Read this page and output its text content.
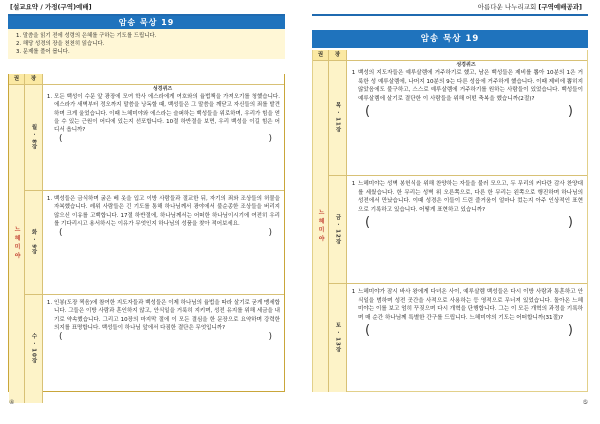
[설교요약 / 가정(구역)예배]	아름다운 나누리교회 [구역예배공과]
암송 묵상 19
1. 말씀을 읽기 전에 성령의 은혜를 구하는 기도를 드립니다.
2. 해당 성경의 장을 천천히 읽습니다.
3. 문제를 풀어 봅니다.
권	장
느헤미야
월 · 8장
성경퀴즈
1. 모든 백성이 수문 앞 광장에 모여 학사 에스라에게 여호와의 율법책을 가져오기를 청했습니다. 에스라가 새벽부터 정오까지 말씀을 낭독할 때, 백성들은 그 말씀을 깨닫고 자신들의 죄를 발견하며 크게 울었습니다. 이때 느헤미야와 에스라는 슬퍼하는 백성들을 위로하며, 우리가 힘을 얻을 수 있는 근원이 어디에 있는지 선포합니다. 10절 하반절을 보면, 우리 백성을 이길 힘은 어디서 옵니까?
(	)
화 · 9장
1. 백성들은 금식하며 굵은 베 옷을 입고 이방 사람들과 절교한 뒤, 자기의 죄와 조상들의 허물을 자복했습니다. 레위 사람들은 긴 기도를 통해 하나님께서 광야에서 불순종한 조상들을 버리지 않으신 이유를 고백합니다. 17절 하반절에, 하나님께서는 어떠한 하나님이시기에 여전히 우리를 기다리시고 용서하시는 이유가 무엇인지 하나님의 성품을 찾아 적어보세요.
(	)
수 · 10장
1. 인봉(도장 찍음)에 참여한 지도자들과 백성들은 이제 하나님의 율법을 따라 살기로 굳게 맹세합니다. 그들은 이방 사람과 혼인하지 않고, 안식일을 거룩히 지키며, 성전 유지를 위해 세금을 내기로 약속했습니다. 그리고 10장의 마지막 절에 이 모든 결심을 한 문장으로 요약하며 강력한 의지를 표명합니다. 백성들이 하나님 앞에서 다짐한 결단은 무엇입니까?
(	)
암송 묵상 19
권	장
느헤미야
목 · 11장
성경퀴즈
1 백성의 지도자들은 예루살렘에 거주하기로 했고, 남은 백성들은 제비를 뽑아 10분의 1은 거룩한 성 예루살렘에, 나머지 10분의 9는 다른 성읍에 거주하게 했습니다. 이때 제비에 뽑히지 않았음에도 불구하고, 스스로 예루살렘에 거주하기를 원하는 사람들이 있었습니다. 백성들이 예루살렘에 살기로 결단한 이 사람들을 위해 어떤 축복을 했습니까(2절)?
(	)
금 · 12장
1 느헤미야는 성벽 봉헌식을 위해 찬양하는 자들을 불러 모으고, 두 무리의 커다란 감사 찬양대를 세웠습니다. 한 무리는 성벽 위 오른쪽으로, 다른 한 무리는 왼쪽으로 행진하며 하나님의 성전에서 만났습니다. 이때 성경은 이들이 드린 즐거움이 얼마나 컸는지 아주 인상적인 표현으로 기록하고 있습니다. 어떻게 표현하고 있습니까?
(	)
토 · 13장
1 느헤미야가 잠시 바사 왕에게 다녀온 사이, 예루살렘 백성들은 다시 이방 사람과 통혼하고 안식일을 범하며 성전 곳간을 사적으로 사용하는 등 영적으로 무너져 있었습니다. 돌아온 느헤미야는 이를 보고 엄히 꾸짖으며 다시 개혁을 단행합니다. 그는 이 모든 개혁의 과정을 기록하며 매 순간 하나님께 특별한 간구를 드립니다. 느헤미야의 기도는 어떠합니까(31절)?
(	)
④	⑤
